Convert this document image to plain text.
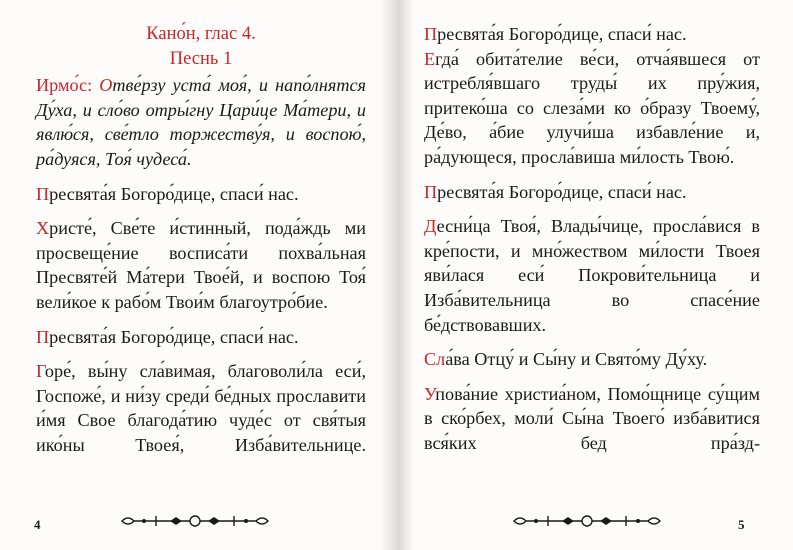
Кано́н, глас 4.
Песнь 1

Ирмо́с: Отве́рзу уста́ моя́, и напо́лнятся Ду́ха, и сло́во отры́гну Цари́це Ма́тери, и явлю́ся, све́тло торжеству́я, и воспою́, ра́дуяся, Тоя́ чудеса́.

Пресвята́я Богоро́дице, спаси́ нас.

Христе́, Све́те и́стинный, пода́ждь ми просвеще́ние восписа́ти похва́льная Пресвяте́й Ма́тери Твое́й, и воспою Тоя́ вели́кое к рабо́м Твои́м благоутро́бие.

Пресвята́я Богоро́дице, спаси́ нас.

Горе́, вы́ну сла́вимая, благоволи́ла еси́, Госпоже́, и ни́зу среди́ бе́дных прославити и́мя Свое благода́тию чуде́с от свя́тыя ико́ны Твоея́, Изба́вительнице.

Пресвята́я Богоро́дице, спаси́ нас.

Егда́ обита́телие ве́си, отча́явшеся от истребля́вшаго труды́ их пру́жия, притеко́ша со слеза́ми ко о́бразу Твоему́, Де́во, а́бие улучи́ша избавле́ние и, ра́дующеся, просла́виша ми́лость Твою́.

Пресвята́я Богоро́дице, спаси́ нас.

Десни́ца Твоя́, Влады́чице, просла́вися в кре́пости, и мно́жеством ми́лости Твоея яви́лася еси́ Покрови́тельница и Изба́вительница во спасе́ние бе́дствовавших.

Сла́ва Отцу́ и Сы́ну и Свято́му Ду́ху.

Упова́ние христиа́ном, Помо́щнице су́щим в ско́рбех, моли́ Сы́на Твоего́ изба́витися вся́ких бед пра́зд-

4	5
